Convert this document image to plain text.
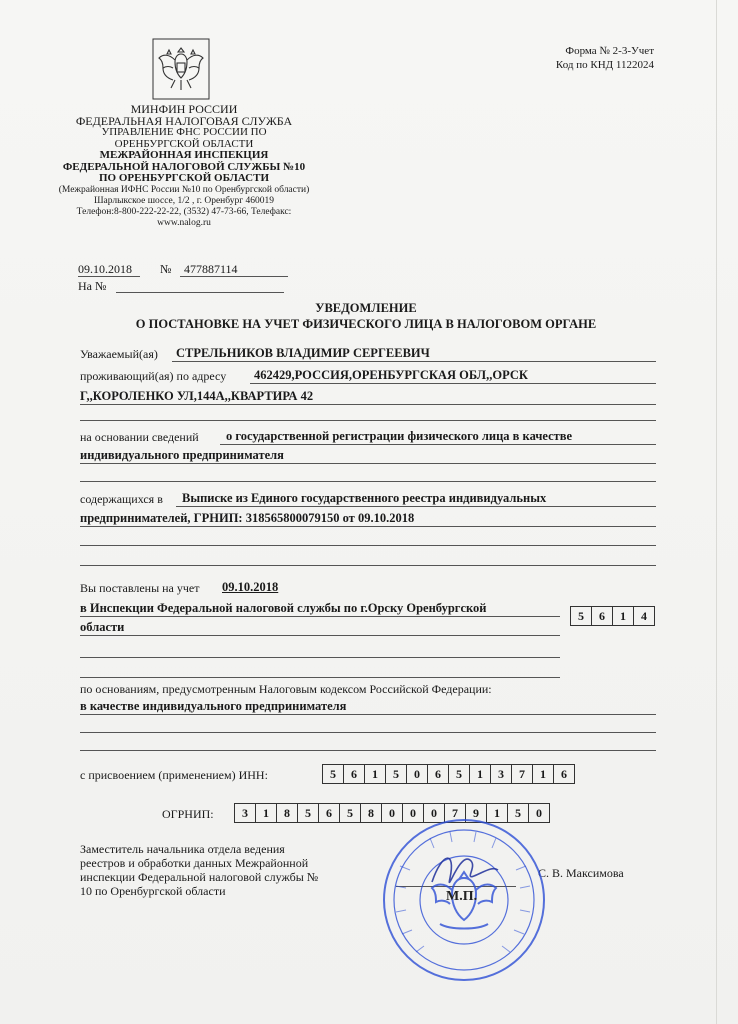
Форма № 2-3-Учет
Код по КНД 1122024
МИНФИН РОССИИ
ФЕДЕРАЛЬНАЯ НАЛОГОВАЯ СЛУЖБА
УПРАВЛЕНИЕ ФНС РОССИИ ПО ОРЕНБУРГСКОЙ ОБЛАСТИ
МЕЖРАЙОННАЯ ИНСПЕКЦИЯ ФЕДЕРАЛЬНОЙ НАЛОГОВОЙ СЛУЖБЫ №10 ПО ОРЕНБУРГСКОЙ ОБЛАСТИ
(Межрайонная ИФНС России №10 по Оренбургской области)
Шарлыкское шоссе, 1/2 , г. Оренбург 460019
Телефон:8-800-222-22-22, (3532) 47-73-66, Телефакс:
www.nalog.ru
09.10.2018 № 477887114
На №
УВЕДОМЛЕНИЕ
О ПОСТАНОВКЕ НА УЧЕТ ФИЗИЧЕСКОГО ЛИЦА В НАЛОГОВОМ ОРГАНЕ
Уважаемый(ая) СТРЕЛЬНИКОВ ВЛАДИМИР СЕРГЕЕВИЧ
проживающий(ая) по адресу 462429,РОССИЯ,ОРЕНБУРГСКАЯ ОБЛ,,ОРСК
Г,,КОРОЛЕНКО УЛ,144А,,КВАРТИРА 42
на основании сведений о государственной регистрации физического лица в качестве
индивидуального предпринимателя
содержащихся в Выписке из Единого государственного реестра индивидуальных
предпринимателей, ГРНИП: 318565800079150 от 09.10.2018
Вы поставлены на учет 09.10.2018
в Инспекции Федеральной налоговой службы по г.Орску Оренбургской
области
5	6	1	4
по основаниям, предусмотренным Налоговым кодексом Российской Федерации:
в качестве индивидуального предпринимателя
с присвоением (применением) ИНН:	5	6	1	5	0	6	5	1	3	7	1	6
ОГРНИП:	3	1	8	5	6	5	8	0	0	0	7	9	1	5	0
Заместитель начальника отдела ведения
реестров и обработки данных Межрайонной
инспекции Федеральной налоговой службы №
10 по Оренбургской области
С. В. Максимова
М.П.
